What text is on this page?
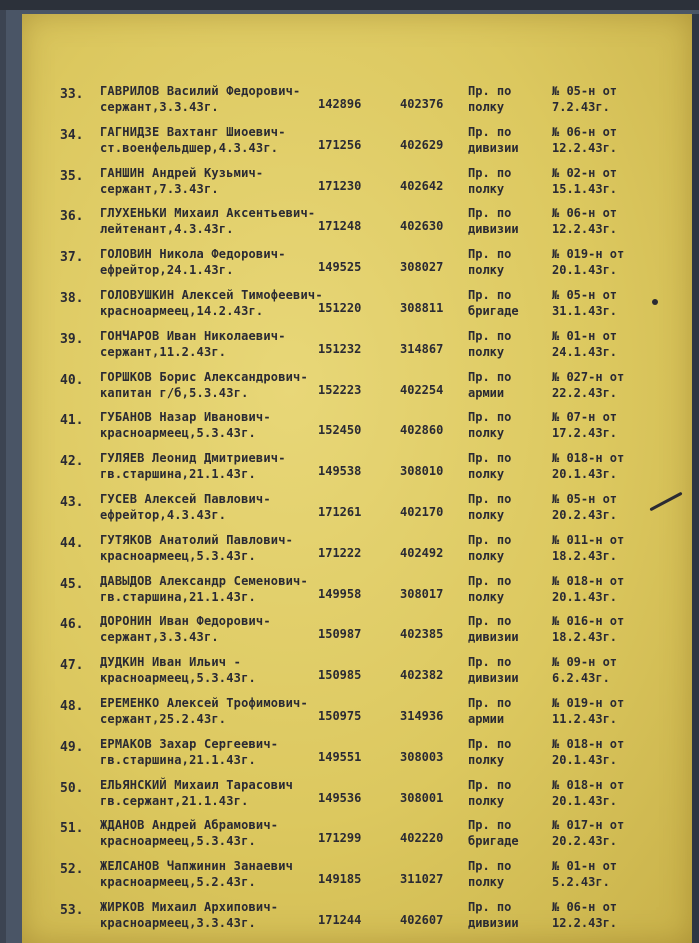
33. ГАВРИЛОВ Василий Федорович-
сержант,3.3.43г.	142896	402376
Пр. по
полку
№ 05-н от
7.2.43г.
34. ГАГНИДЗЕ Вахтанг Шиоевич-
ст.военфельдшер,4.3.43г.	171256	402629
Пр. по
дивизии
№ 06-н от
12.2.43г.
35. ГАНШИН Андрей Кузьмич-
сержант,7.3.43г.	171230	402642
Пр. по
полку
№ 02-н от
15.1.43г.
36. ГЛУХЕНЬКИ Михаил Аксентьевич-
лейтенант,4.3.43г.	171248	402630
Пр. по
дивизии
№ 06-н от
12.2.43г.
37. ГОЛОВИН Никола Федорович-
ефрейтор,24.1.43г.	149525	308027
Пр. по
полку
№ 019-н от
20.1.43г.
38. ГОЛОВУШКИН Алексей Тимофеевич-
красноармеец,14.2.43г.	151220	308811
Пр. по
бригаде
№ 05-н от
31.1.43г.
39. ГОНЧАРОВ Иван Николаевич-
сержант,11.2.43г.	151232	314867
Пр. по
полку
№ 01-н от
24.1.43г.
40. ГОРШКОВ Борис Александрович-
капитан г/б,5.3.43г.	152223	402254
Пр. по
армии
№ 027-н от
22.2.43г.
41. ГУБАНОВ Назар Иванович-
красноармеец,5.3.43г.	152450	402860
Пр. по
полку
№ 07-н от
17.2.43г.
42. ГУЛЯЕВ Леонид Дмитриевич-
гв.старшина,21.1.43г.	149538	308010
Пр. по
полку
№ 018-н от
20.1.43г.
43. ГУСЕВ Алексей Павлович-
ефрейтор,4.3.43г.	171261	402170
Пр. по
полку
№ 05-н от
20.2.43г.
44. ГУТЯКОВ Анатолий Павлович-
красноармеец,5.3.43г.	171222	402492
Пр. по
полку
№ 011-н от
18.2.43г.
45. ДАВЫДОВ Александр Семенович-
гв.старшина,21.1.43г.	149958	308017
Пр. по
полку
№ 018-н от
20.1.43г.
46. ДОРОНИН Иван Федорович-
сержант,3.3.43г.	150987	402385
Пр. по
дивизии
№ 016-н от
18.2.43г.
47. ДУДКИН Иван Ильич -
красноармеец,5.3.43г.	150985	402382
Пр. по
дивизии
№ 09-н от
6.2.43г.
48. ЕРЕМЕНКО Алексей Трофимович-
сержант,25.2.43г.	150975	314936
Пр. по
армии
№ 019-н от
11.2.43г.
49. ЕРМАКОВ Захар Сергеевич-
гв.старшина,21.1.43г.	149551	308003
Пр. по
полку
№ 018-н от
20.1.43г.
50. ЕЛЬЯНСКИЙ Михаил Тарасович
гв.сержант,21.1.43г.	149536	308001
Пр. по
полку
№ 018-н от
20.1.43г.
51. ЖДАНОВ Андрей Абрамович-
красноармеец,5.3.43г.	171299	402220
Пр. по
бригаде
№ 017-н от
20.2.43г.
52. ЖЕЛСАНОВ Чапжинин Занаевич
красноармеец,5.2.43г.	149185	311027
Пр. по
полку
№ 01-н от
5.2.43г.
53. ЖИРКОВ Михаил Архипович-
красноармеец,3.3.43г.	171244	402607
Пр. по
дивизии
№ 06-н от
12.2.43г.
